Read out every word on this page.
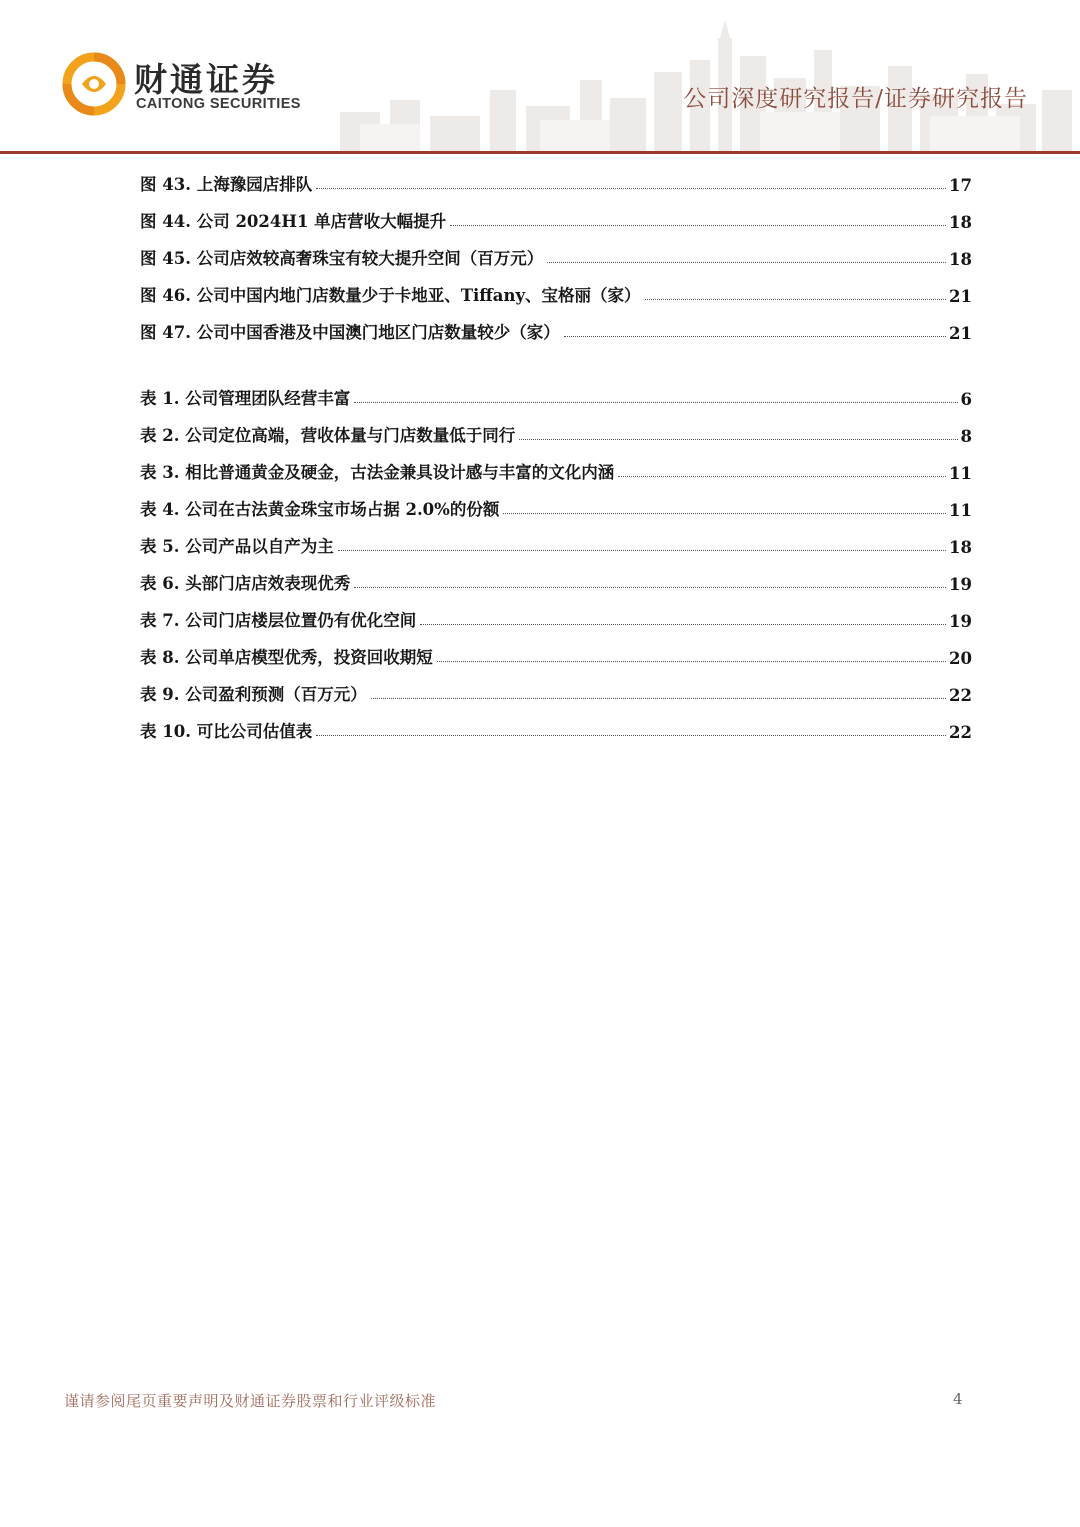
财通证券
CAITONG SECURITIES	公司深度研究报告/证券研究报告
图 43. 上海豫园店排队	17
图 44. 公司 2024H1 单店营收大幅提升	18
图 45. 公司店效较高奢珠宝有较大提升空间（百万元）	18
图 46. 公司中国内地门店数量少于卡地亚、Tiffany、宝格丽（家）	21
图 47. 公司中国香港及中国澳门地区门店数量较少（家）	21
表 1. 公司管理团队经营丰富	6
表 2. 公司定位高端，营收体量与门店数量低于同行	8
表 3. 相比普通黄金及硬金，古法金兼具设计感与丰富的文化内涵	11
表 4. 公司在古法黄金珠宝市场占据 2.0%的份额	11
表 5. 公司产品以自产为主	18
表 6. 头部门店店效表现优秀	19
表 7. 公司门店楼层位置仍有优化空间	19
表 8. 公司单店模型优秀，投资回收期短	20
表 9. 公司盈利预测（百万元）	22
表 10. 可比公司估值表	22
谨请参阅尾页重要声明及财通证券股票和行业评级标准	4
